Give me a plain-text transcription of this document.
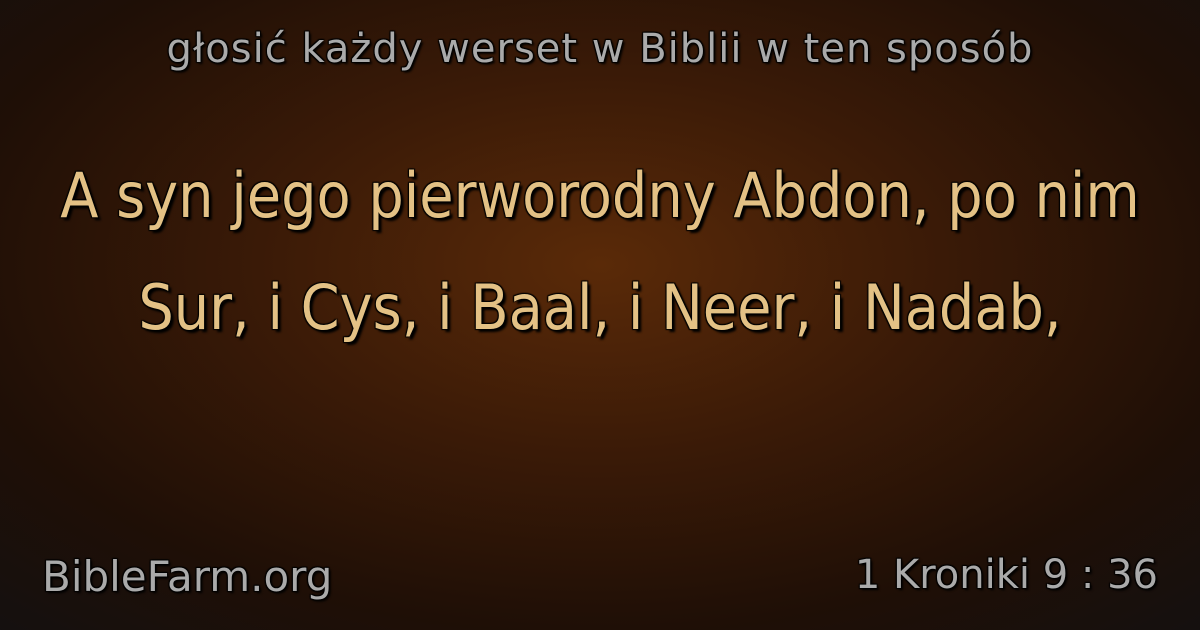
głosić każdy werset w Biblii w ten sposób
A syn jego pierworodny Abdon, po nim Sur, i Cys, i Baal, i Neer, i Nadab,
BibleFarm.org	1 Kroniki 9 : 36
